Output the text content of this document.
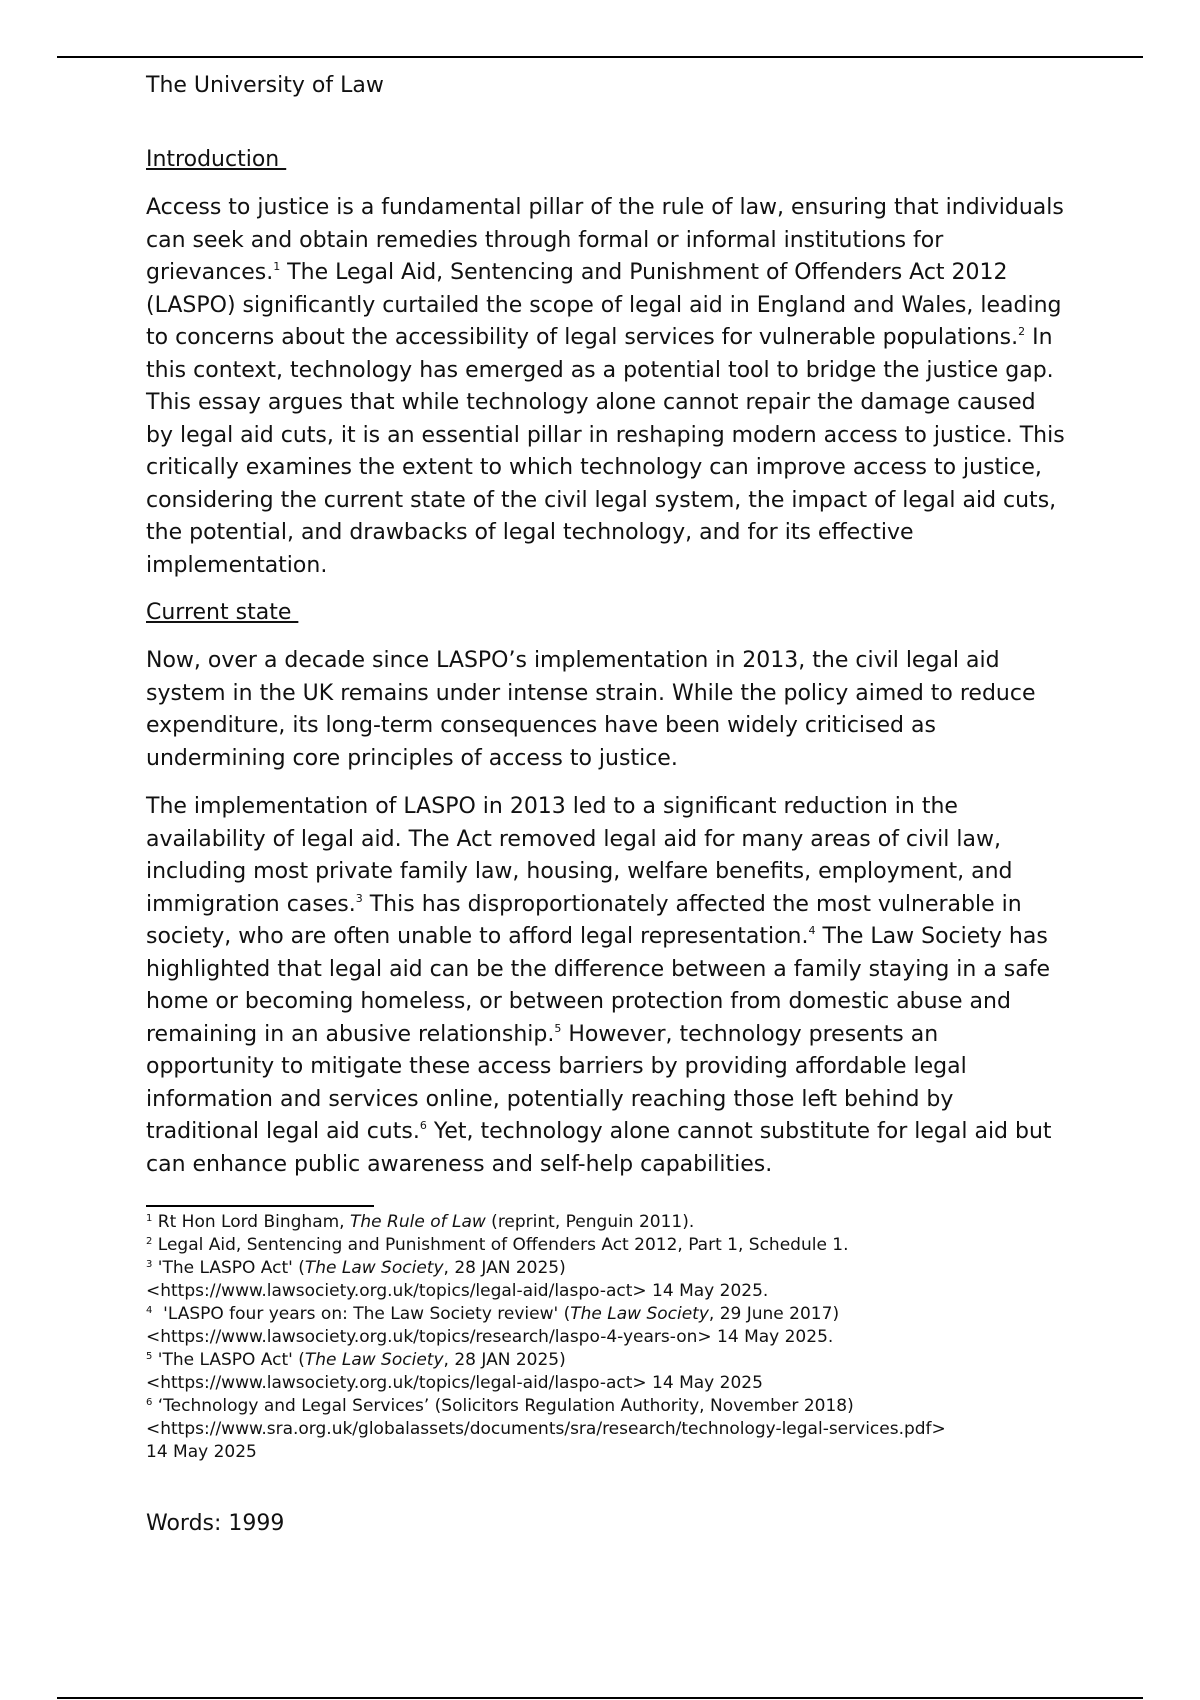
The University of Law

Introduction

Access to justice is a fundamental pillar of the rule of law, ensuring that individuals can seek and obtain remedies through formal or informal institutions for grievances.$^1$ The Legal Aid, Sentencing and Punishment of Offenders Act 2012 (LASPO) significantly curtailed the scope of legal aid in England and Wales, leading to concerns about the accessibility of legal services for vulnerable populations.$^2$ In this context, technology has emerged as a potential tool to bridge the justice gap. This essay argues that while technology alone cannot repair the damage caused by legal aid cuts, it is an essential pillar in reshaping modern access to justice. This critically examines the extent to which technology can improve access to justice, considering the current state of the civil legal system, the impact of legal aid cuts, the potential, and drawbacks of legal technology, and for its effective implementation.

Current state

Now, over a decade since LASPO’s implementation in 2013, the civil legal aid system in the UK remains under intense strain. While the policy aimed to reduce expenditure, its long-term consequences have been widely criticised as undermining core principles of access to justice.

The implementation of LASPO in 2013 led to a significant reduction in the availability of legal aid. The Act removed legal aid for many areas of civil law, including most private family law, housing, welfare benefits, employment, and immigration cases.$^3$ This has disproportionately affected the most vulnerable in society, who are often unable to afford legal representation.$^4$ The Law Society has highlighted that legal aid can be the difference between a family staying in a safe home or becoming homeless, or between protection from domestic abuse and remaining in an abusive relationship.$^5$ However, technology presents an opportunity to mitigate these access barriers by providing affordable legal information and services online, potentially reaching those left behind by traditional legal aid cuts.$^6$ Yet, technology alone cannot substitute for legal aid but can enhance public awareness and self-help capabilities.

$^1$ Rt Hon Lord Bingham, The Rule of Law (reprint, Penguin 2011).

$^2$ Legal Aid, Sentencing and Punishment of Offenders Act 2012, Part 1, Schedule 1.

$^3$ 'The LASPO Act' (The Law Society, 28 JAN 2025)
<https://www.lawsociety.org.uk/topics/legal-aid/laspo-act> 14 May 2025.

$^4$  'LASPO four years on: The Law Society review' (The Law Society, 29 June 2017)
<https://www.lawsociety.org.uk/topics/research/laspo-4-years-on> 14 May 2025.

$^5$ 'The LASPO Act' (The Law Society, 28 JAN 2025)
<https://www.lawsociety.org.uk/topics/legal-aid/laspo-act> 14 May 2025

$^6$ ‘Technology and Legal Services’ (Solicitors Regulation Authority, November 2018)
<https://www.sra.org.uk/globalassets/documents/sra/research/technology-legal-services.pdf> 14 May 2025

Words: 1999
